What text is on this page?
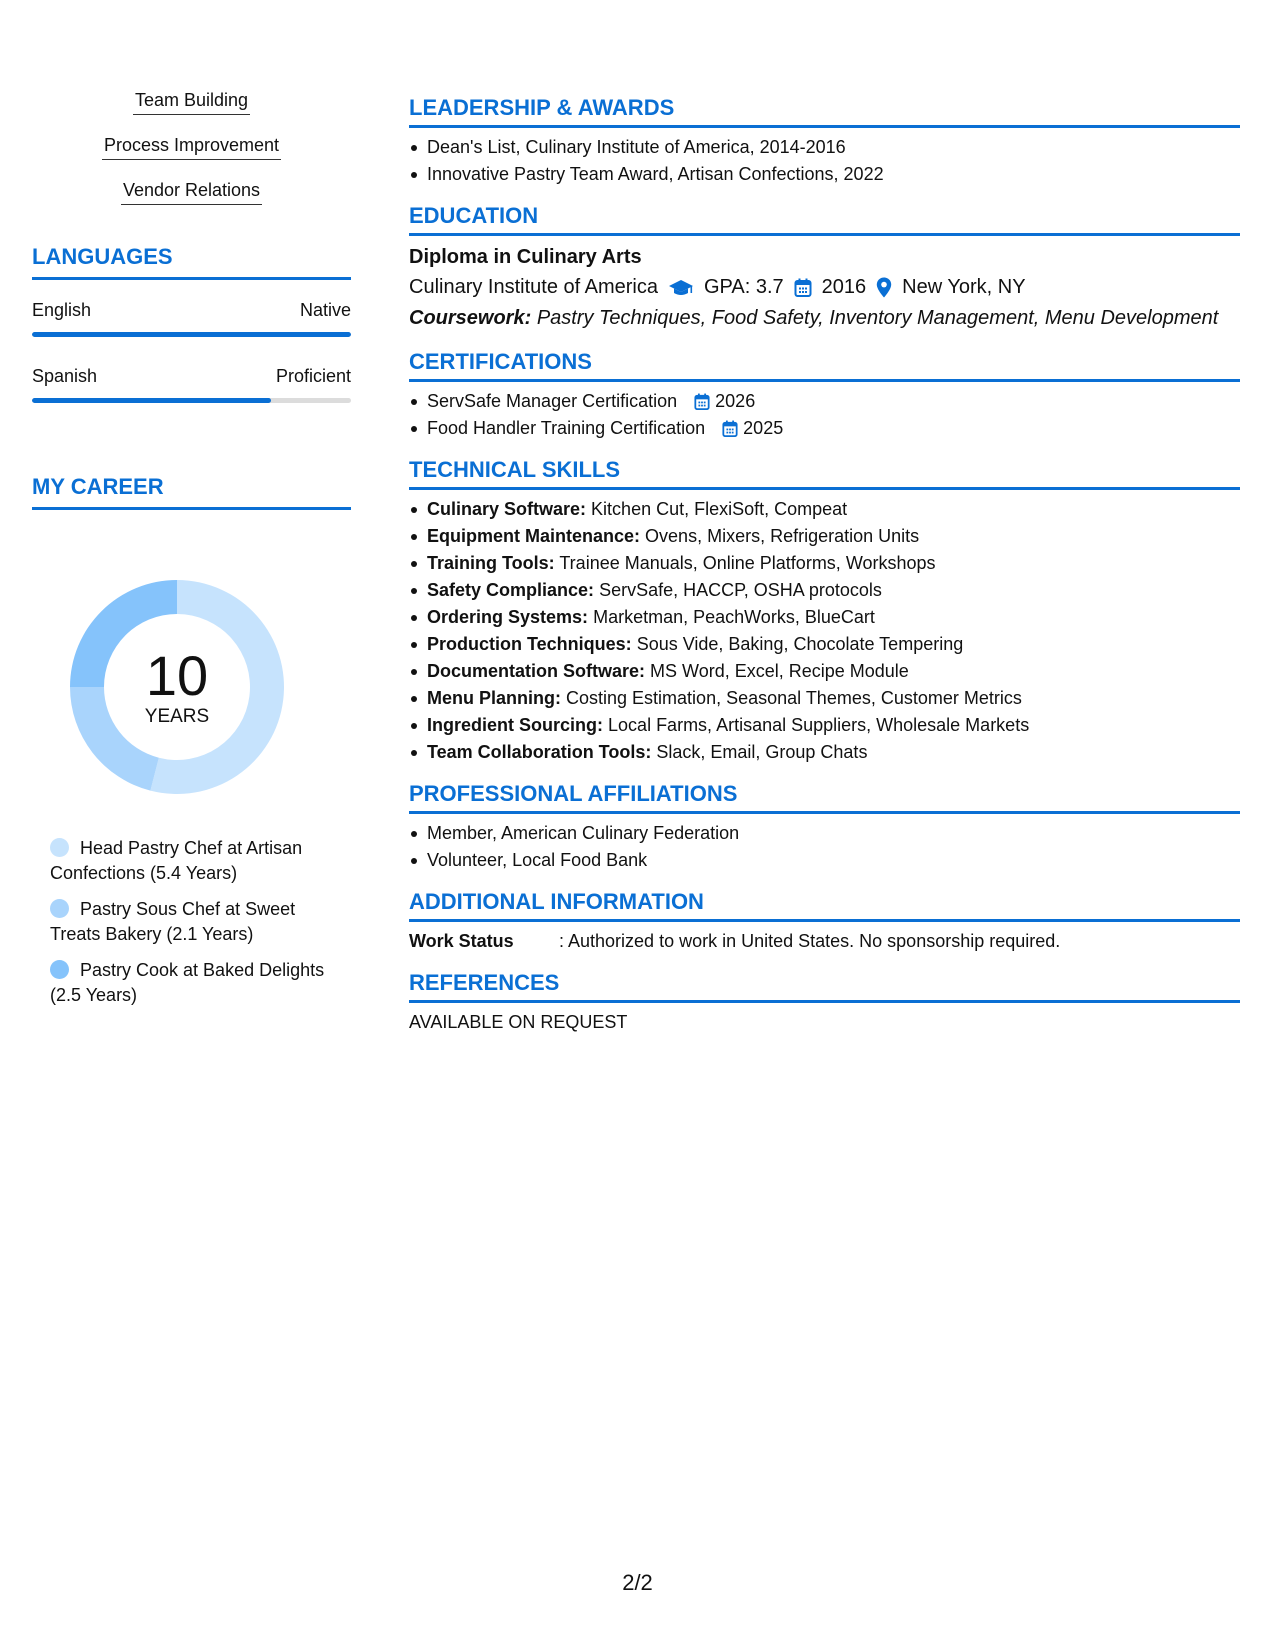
Team Building
Process Improvement
Vendor Relations
LANGUAGES
English	Native
Spanish	Proficient
MY CAREER
10
YEARS
Head Pastry Chef at Artisan Confections (5.4 Years)
Pastry Sous Chef at Sweet Treats Bakery (2.1 Years)
Pastry Cook at Baked Delights (2.5 Years)
LEADERSHIP & AWARDS
Dean's List, Culinary Institute of America, 2014-2016
Innovative Pastry Team Award, Artisan Confections, 2022
EDUCATION
Diploma in Culinary Arts
Culinary Institute of America GPA: 3.7 2016 New York, NY
Coursework: Pastry Techniques, Food Safety, Inventory Management, Menu Development
CERTIFICATIONS
ServSafe Manager Certification 2026
Food Handler Training Certification 2025
TECHNICAL SKILLS
Culinary Software: Kitchen Cut, FlexiSoft, Compeat
Equipment Maintenance: Ovens, Mixers, Refrigeration Units
Training Tools: Trainee Manuals, Online Platforms, Workshops
Safety Compliance: ServSafe, HACCP, OSHA protocols
Ordering Systems: Marketman, PeachWorks, BlueCart
Production Techniques: Sous Vide, Baking, Chocolate Tempering
Documentation Software: MS Word, Excel, Recipe Module
Menu Planning: Costing Estimation, Seasonal Themes, Customer Metrics
Ingredient Sourcing: Local Farms, Artisanal Suppliers, Wholesale Markets
Team Collaboration Tools: Slack, Email, Group Chats
PROFESSIONAL AFFILIATIONS
Member, American Culinary Federation
Volunteer, Local Food Bank
ADDITIONAL INFORMATION
Work Status	: Authorized to work in United States. No sponsorship required.
REFERENCES
AVAILABLE ON REQUEST
2/2
